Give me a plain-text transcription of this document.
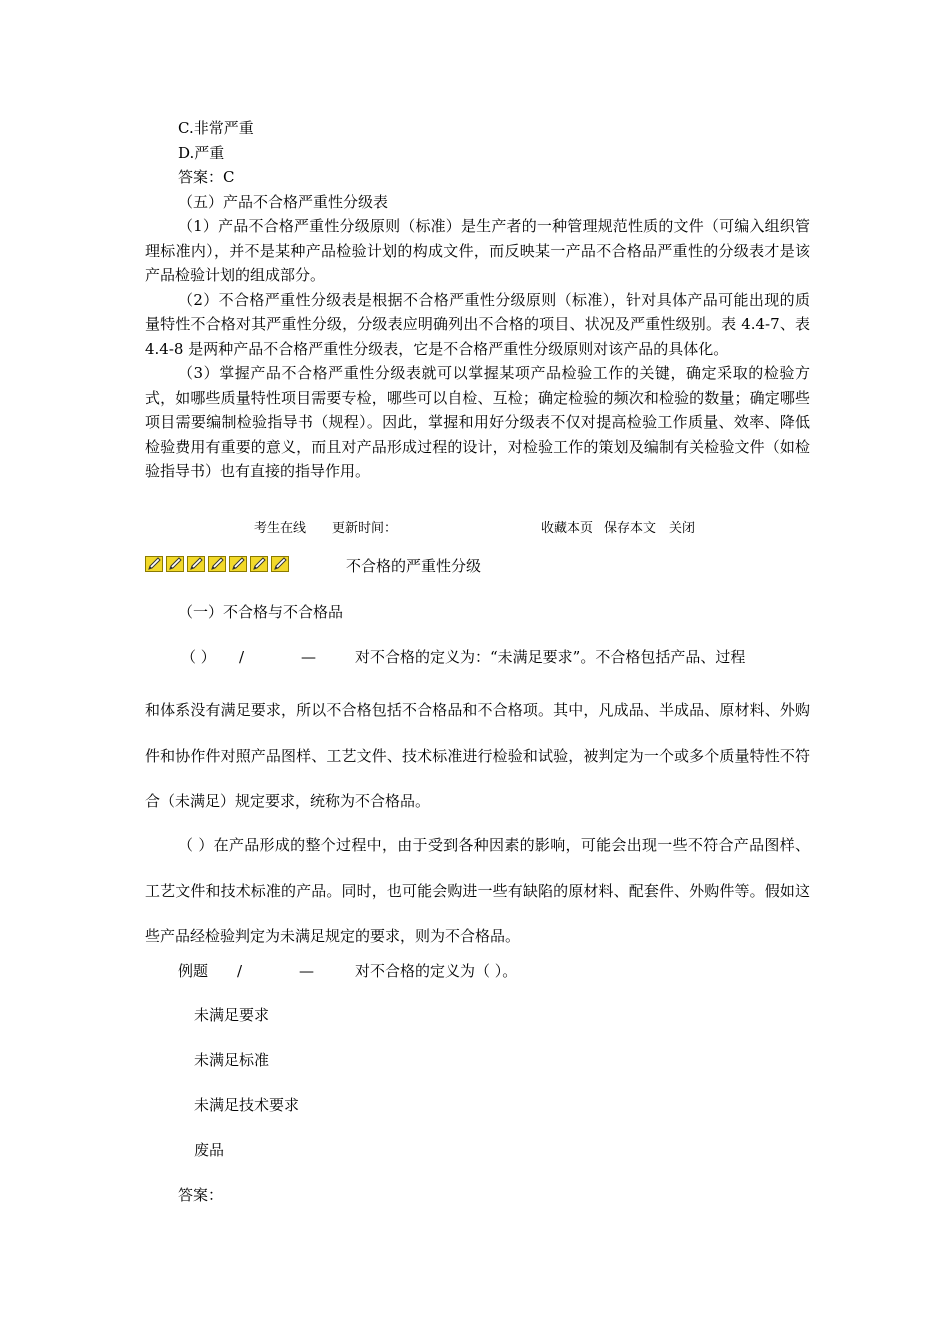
C.非常严重

D.严重

答案：C

（五）产品不合格严重性分级表

（1）产品不合格严重性分级原则（标准）是生产者的一种管理规范性质的文件（可编入组织管理标准内），并不是某种产品检验计划的构成文件，而反映某一产品不合格品严重性的分级表才是该产品检验计划的组成部分。

（2）不合格严重性分级表是根据不合格严重性分级原则（标准），针对具体产品可能出现的质量特性不合格对其严重性分级，分级表应明确列出不合格的项目、状况及严重性级别。表 4.4-7、表 4.4-8 是两种产品不合格严重性分级表，它是不合格严重性分级原则对该产品的具体化。

（3）掌握产品不合格严重性分级表就可以掌握某项产品检验工作的关键，确定采取的检验方式，如哪些质量特性项目需要专检，哪些可以自检、互检；确定检验的频次和检验的数量；确定哪些项目需要编制检验指导书（规程）。因此，掌握和用好分级表不仅对提高检验工作质量、效率、降低检验费用有重要的意义，而且对产品形成过程的设计，对检验工作的策划及编制有关检验文件（如检验指导书）也有直接的指导作用。

考生在线 更新时间：	收藏本页 保存本文 关闭
不合格的严重性分级
（一）不合格与不合格品
（ ） /	—	对不合格的定义为：“未满足要求”。不合格包括产品、过程

和体系没有满足要求，所以不合格包括不合格品和不合格项。其中，凡成品、半成品、原材料、外购件和协作件对照产品图样、工艺文件、技术标准进行检验和试验，被判定为一个或多个质量特性不符合（未满足）规定要求，统称为不合格品。

（ ）在产品形成的整个过程中，由于受到各种因素的影响，可能会出现一些不符合产品图样、工艺文件和技术标准的产品。同时，也可能会购进一些有缺陷的原材料、配套件、外购件等。假如这些产品经检验判定为未满足规定的要求，则为不合格品。

例题 /	—	对不合格的定义为（ ）。
未满足要求
未满足标准
未满足技术要求
废品
答案：
